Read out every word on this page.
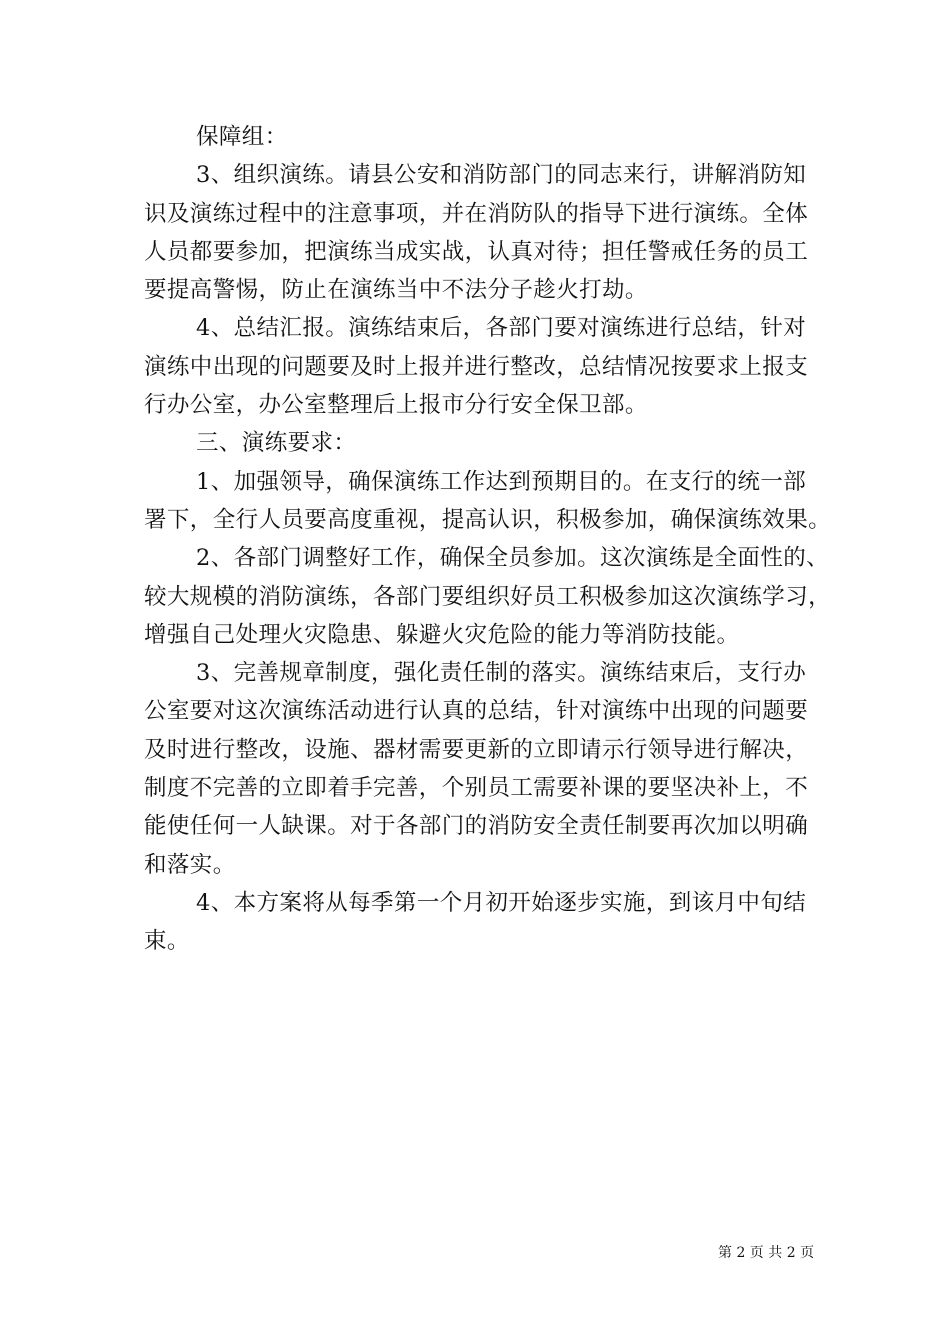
保障组：
3、组织演练。请县公安和消防部门的同志来行，讲解消防知
识及演练过程中的注意事项，并在消防队的指导下进行演练。全体
人员都要参加，把演练当成实战，认真对待；担任警戒任务的员工
要提高警惕，防止在演练当中不法分子趁火打劫。
4、总结汇报。演练结束后，各部门要对演练进行总结，针对
演练中出现的问题要及时上报并进行整改，总结情况按要求上报支
行办公室，办公室整理后上报市分行安全保卫部。
三、演练要求：
1、加强领导，确保演练工作达到预期目的。在支行的统一部
署下，全行人员要高度重视，提高认识，积极参加，确保演练效果。
2、各部门调整好工作，确保全员参加。这次演练是全面性的、
较大规模的消防演练，各部门要组织好员工积极参加这次演练学习，
增强自己处理火灾隐患、躲避火灾危险的能力等消防技能。
3、完善规章制度，强化责任制的落实。演练结束后，支行办
公室要对这次演练活动进行认真的总结，针对演练中出现的问题要
及时进行整改，设施、器材需要更新的立即请示行领导进行解决，
制度不完善的立即着手完善，个别员工需要补课的要坚决补上，不
能使任何一人缺课。对于各部门的消防安全责任制要再次加以明确
和落实。
4、本方案将从每季第一个月初开始逐步实施，到该月中旬结
束。
第 2 页 共 2 页
